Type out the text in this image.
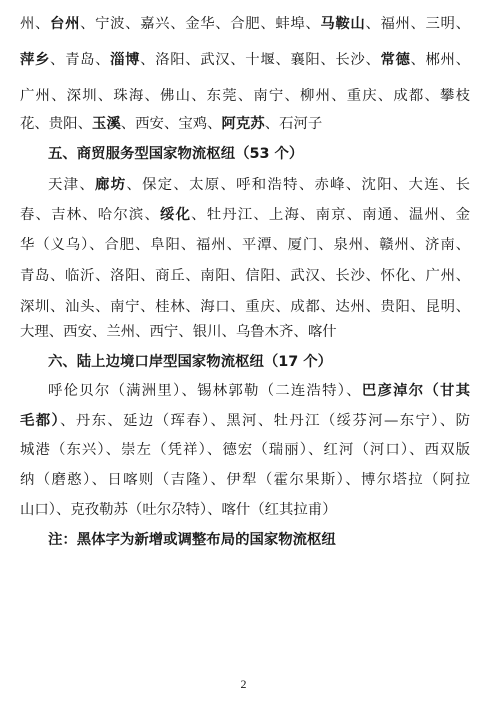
州、台州、宁波、嘉兴、金华、合肥、蚌埠、马鞍山、福州、三明、
萍乡、青岛、淄博、洛阳、武汉、十堰、襄阳、长沙、常德、郴州、
广州、深圳、珠海、佛山、东莞、南宁、柳州、重庆、成都、攀枝
花、贵阳、玉溪、西安、宝鸡、阿克苏、石河子
五、商贸服务型国家物流枢纽（53 个）
天津、廊坊、保定、太原、呼和浩特、赤峰、沈阳、大连、长
春、吉林、哈尔滨、绥化、牡丹江、上海、南京、南通、温州、金
华（义乌）、合肥、阜阳、福州、平潭、厦门、泉州、赣州、济南、
青岛、临沂、洛阳、商丘、南阳、信阳、武汉、长沙、怀化、广州、
深圳、汕头、南宁、桂林、海口、重庆、成都、达州、贵阳、昆明、
大理、西安、兰州、西宁、银川、乌鲁木齐、喀什
六、陆上边境口岸型国家物流枢纽（17 个）
呼伦贝尔（满洲里）、锡林郭勒（二连浩特）、巴彦淖尔（甘其
毛都）、丹东、延边（珲春）、黑河、牡丹江（绥芬河—东宁）、防
城港（东兴）、崇左（凭祥）、德宏（瑞丽）、红河（河口）、西双版
纳（磨憨）、日喀则（吉隆）、伊犁（霍尔果斯）、博尔塔拉（阿拉
山口）、克孜勒苏（吐尔尕特）、喀什（红其拉甫）
注：黑体字为新增或调整布局的国家物流枢纽
2
